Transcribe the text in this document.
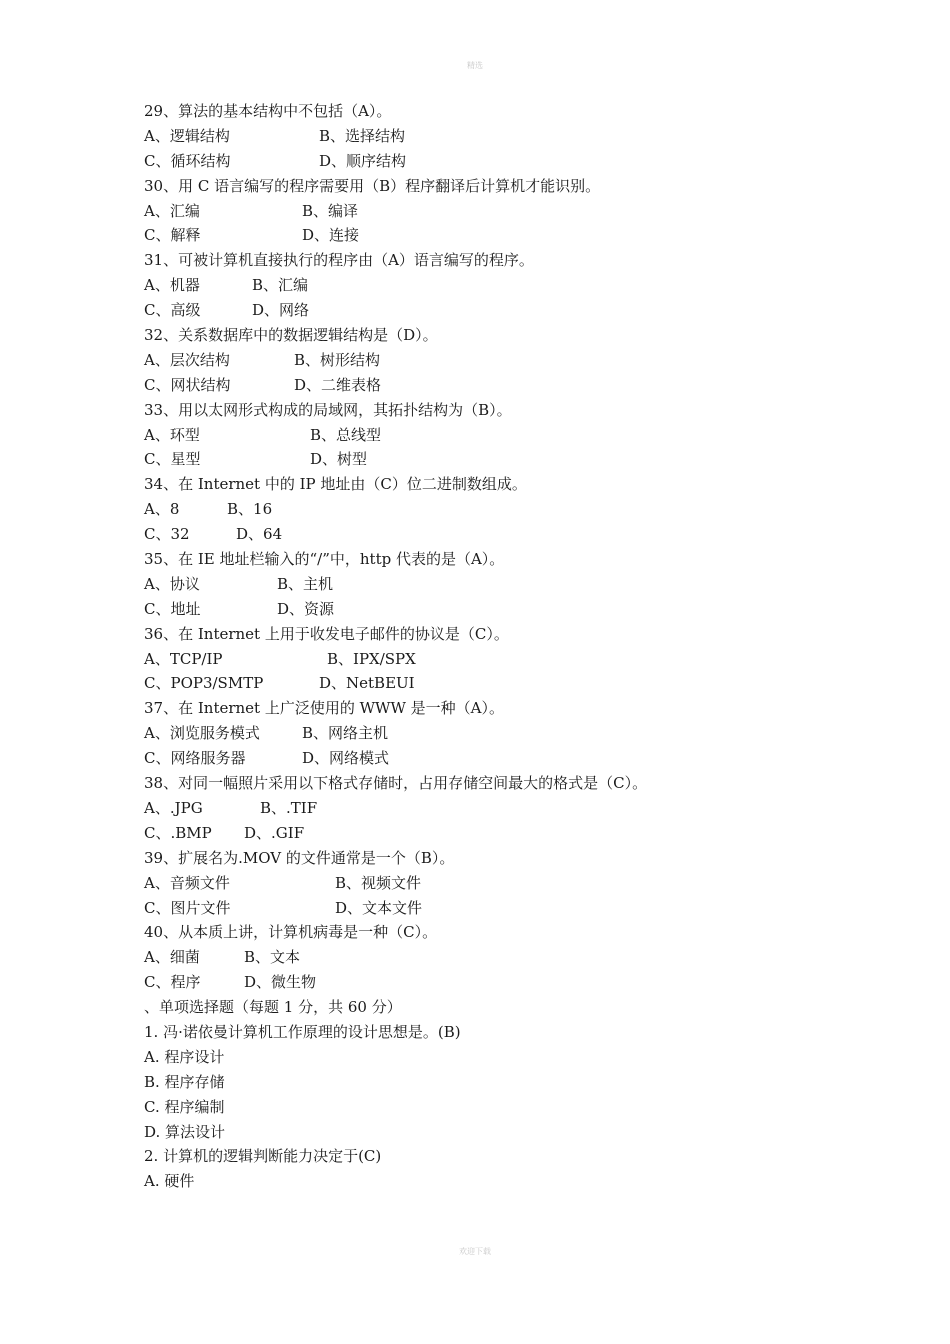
精选
29、算法的基本结构中不包括（A）。
A、逻辑结构	B、选择结构
C、循环结构	D、顺序结构
30、用 C 语言编写的程序需要用（B）程序翻译后计算机才能识别。
A、汇编	B、编译
C、解释	D、连接
31、可被计算机直接执行的程序由（A）语言编写的程序。
A、机器	B、汇编
C、高级	D、网络
32、关系数据库中的数据逻辑结构是（D）。
A、层次结构	B、树形结构
C、网状结构	D、二维表格
33、用以太网形式构成的局域网，其拓扑结构为（B）。
A、环型	B、总线型
C、星型	D、树型
34、在 Internet 中的 IP 地址由（C）位二进制数组成。
A、8	B、16
C、32	D、64
35、在 IE 地址栏输入的“/”中，http 代表的是（A）。
A、协议	B、主机
C、地址	D、资源
36、在 Internet 上用于收发电子邮件的协议是（C）。
A、TCP/IP	B、IPX/SPX
C、POP3/SMTP	D、NetBEUI
37、在 Internet 上广泛使用的 WWW 是一种（A）。
A、浏览服务模式	B、网络主机
C、网络服务器	D、网络模式
38、对同一幅照片采用以下格式存储时，占用存储空间最大的格式是（C）。
A、.JPG	B、.TIF
C、.BMP D、.GIF
39、扩展名为.MOV 的文件通常是一个（B）。
A、音频文件	B、视频文件
C、图片文件	D、文本文件
40、从本质上讲，计算机病毒是一种（C）。
A、细菌	B、文本
C、程序	D、微生物
、单项选择题（每题 1 分，共 60 分）
1. 冯·诺依曼计算机工作原理的设计思想是。(B)
A. 程序设计
B. 程序存储
C. 程序编制
D. 算法设计
2. 计算机的逻辑判断能力决定于(C)
A. 硬件
欢迎下载
